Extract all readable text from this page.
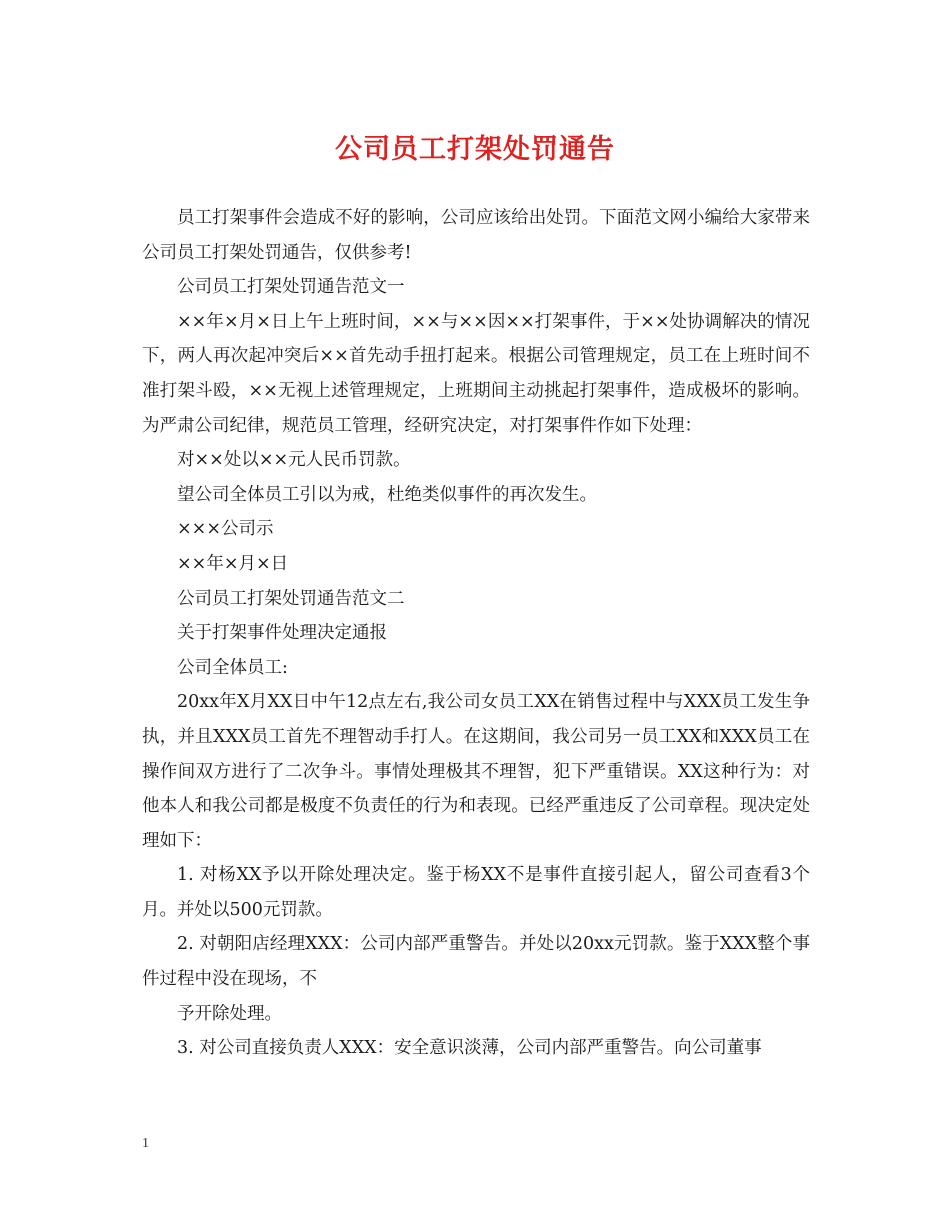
公司员工打架处罚通告

员工打架事件会造成不好的影响，公司应该给出处罚。下面范文网小编给大家带来公司员工打架处罚通告，仅供参考!

公司员工打架处罚通告范文一

××年×月×日上午上班时间，××与××因××打架事件，于××处协调解决的情况下，两人再次起冲突后××首先动手扭打起来。根据公司管理规定，员工在上班时间不准打架斗殴，××无视上述管理规定，上班期间主动挑起打架事件，造成极坏的影响。为严肃公司纪律，规范员工管理，经研究决定，对打架事件作如下处理：

对××处以××元人民币罚款。

望公司全体员工引以为戒，杜绝类似事件的再次发生。

×××公司示

××年×月×日

公司员工打架处罚通告范文二

关于打架事件处理决定通报

公司全体员工:

20xx年X月XX日中午12点左右,我公司女员工XX在销售过程中与XXX员工发生争执，并且XXX员工首先不理智动手打人。在这期间，我公司另一员工XX和XXX员工在操作间双方进行了二次争斗。事情处理极其不理智，犯下严重错误。XX这种行为：对他本人和我公司都是极度不负责任的行为和表现。已经严重违反了公司章程。现决定处理如下：

1. 对杨XX予以开除处理决定。鉴于杨XX不是事件直接引起人，留公司查看3个月。并处以500元罚款。

2. 对朝阳店经理XXX：公司内部严重警告。并处以20xx元罚款。鉴于XXX整个事件过程中没在现场，不

予开除处理。

3. 对公司直接负责人XXX：安全意识淡薄，公司内部严重警告。向公司董事

1
